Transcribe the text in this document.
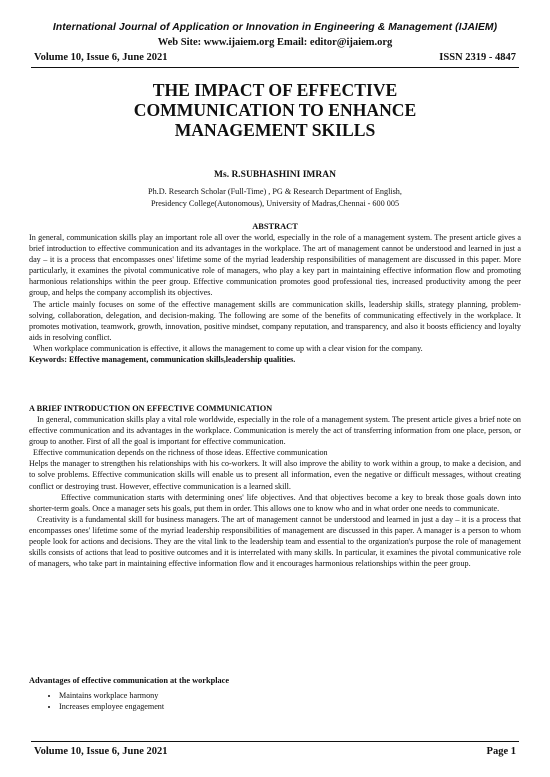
International Journal of Application or Innovation in Engineering & Management (IJAIEM)
Web Site: www.ijaiem.org Email: editor@ijaiem.org
Volume 10, Issue 6, June 2021	ISSN 2319 - 4847
THE IMPACT OF EFFECTIVE
COMMUNICATION TO ENHANCE
MANAGEMENT SKILLS
Ms. R.SUBHASHINI IMRAN
Ph.D. Research Scholar (Full-Time) , PG & Research Department of English,
Presidency College(Autonomous), University of Madras,Chennai - 600 005
ABSTRACT

In general, communication skills play an important role all over the world, especially in the role of a management system. The present article gives a brief introduction to effective communication and its advantages in the workplace. The art of management cannot be understood and learned in just a day – it is a process that encompasses ones' lifetime some of the myriad leadership responsibilities of management are discussed in this paper. More particularly, it examines the pivotal communicative role of managers, who play a key part in maintaining effective information flow and promoting harmonious relationships within the peer group. Effective communication promotes good professional ties, increased productivity among the peer group, and helps the company accomplish its objectives.

The article mainly focuses on some of the effective management skills are communication skills, leadership skills, strategy planning, problem-solving, collaboration, delegation, and decision-making. The following are some of the benefits of communicating effectively in the workplace. It promotes motivation, teamwork, growth, innovation, positive mindset, company reputation, and transparency, and also it boosts efficiency and loyalty aids in resolving conflict.

When workplace communication is effective, it allows the management to come up with a clear vision for the company.

Keywords: Effective management, communication skills,leadership qualities.

A BRIEF INTRODUCTION ON EFFECTIVE COMMUNICATION

In general, communication skills play a vital role worldwide, especially in the role of a management system. The present article gives a brief note on effective communication and its advantages in the workplace. Communication is merely the act of transferring information from one place, person, or group to another. First of all the goal is important for effective communication.

Effective communication depends on the richness of those ideas. Effective communication

Helps the manager to strengthen his relationships with his co-workers. It will also improve the ability to work within a group, to make a decision, and to solve problems. Effective communication skills will enable us to present all information, even the negative or difficult messages, without creating conflict or destroying trust. However, effective communication is a learned skill.

Effective communication starts with determining ones' life objectives. And that objectives become a key to break those goals down into shorter-term goals. Once a manager sets his goals, put them in order. This allows one to know who and in what order one needs to communicate.

Creativity is a fundamental skill for business managers. The art of management cannot be understood and learned in just a day – it is a process that encompasses ones' lifetime some of the myriad leadership responsibilities of management are discussed in this paper. A manager is a person to whom people look for actions and decisions. They are the vital link to the leadership team and essential to the organization's purpose the role of management skills consists of actions that lead to positive outcomes and it is interrelated with many skills. In particular, it examines the pivotal communicative role of managers, who take part in maintaining effective information flow and it encourages harmonious relationships within the peer group.

Advantages of effective communication at the workplace
• Maintains workplace harmony
• Increases employee engagement
Volume 10, Issue 6, June 2021	Page 1
